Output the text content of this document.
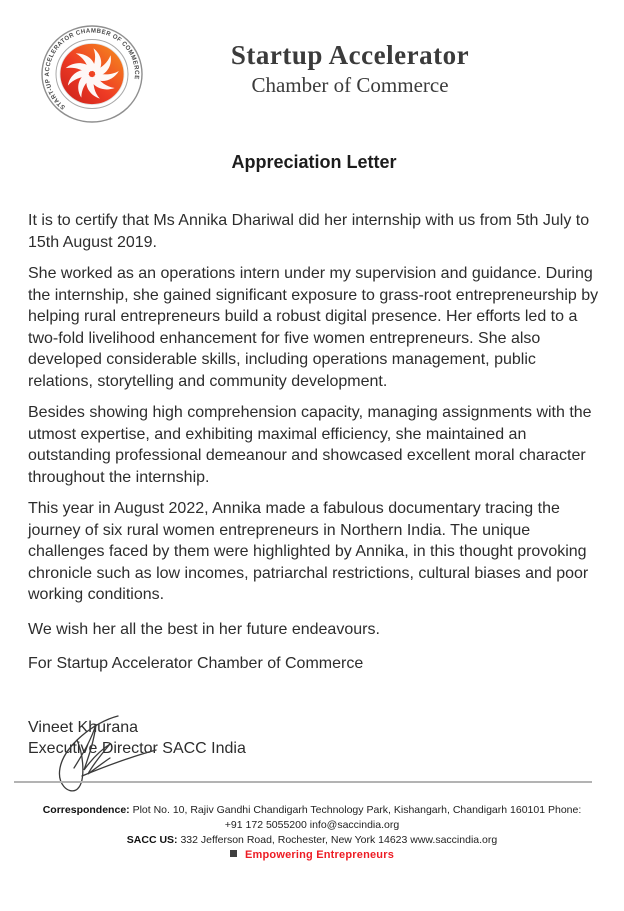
START-UP ACCELERATOR CHAMBER OF COMMERCE
Startup Accelerator
Chamber of Commerce
Appreciation Letter

It is to certify that Ms Annika Dhariwal did her internship with us from 5th July to 15th August 2019.

She worked as an operations intern under my supervision and guidance. During the internship, she gained significant exposure to grass-root entrepreneurship by helping rural entrepreneurs build a robust digital presence. Her efforts led to a two-fold livelihood enhancement for five women entrepreneurs. She also developed considerable skills, including operations management, public relations, storytelling and community development.

Besides showing high comprehension capacity, managing assignments with the utmost expertise, and exhibiting maximal efficiency, she maintained an outstanding professional demeanour and showcased excellent moral character throughout the internship.

This year in August 2022, Annika made a fabulous documentary tracing the journey of six rural women entrepreneurs in Northern India. The unique challenges faced by them were highlighted by Annika, in this thought provoking chronicle such as low incomes, patriarchal restrictions, cultural biases and poor working conditions.

We wish her all the best in her future endeavours.

For Startup Accelerator Chamber of Commerce

Vineet Khurana
Executive Director SACC India
Correspondence: Plot No. 10, Rajiv Gandhi Chandigarh Technology Park, Kishangarh, Chandigarh 160101 Phone: +91 172 5055200 info@saccindia.org
SACC US: 332 Jefferson Road, Rochester, New York 14623 www.saccindia.org
Empowering Entrepreneurs
